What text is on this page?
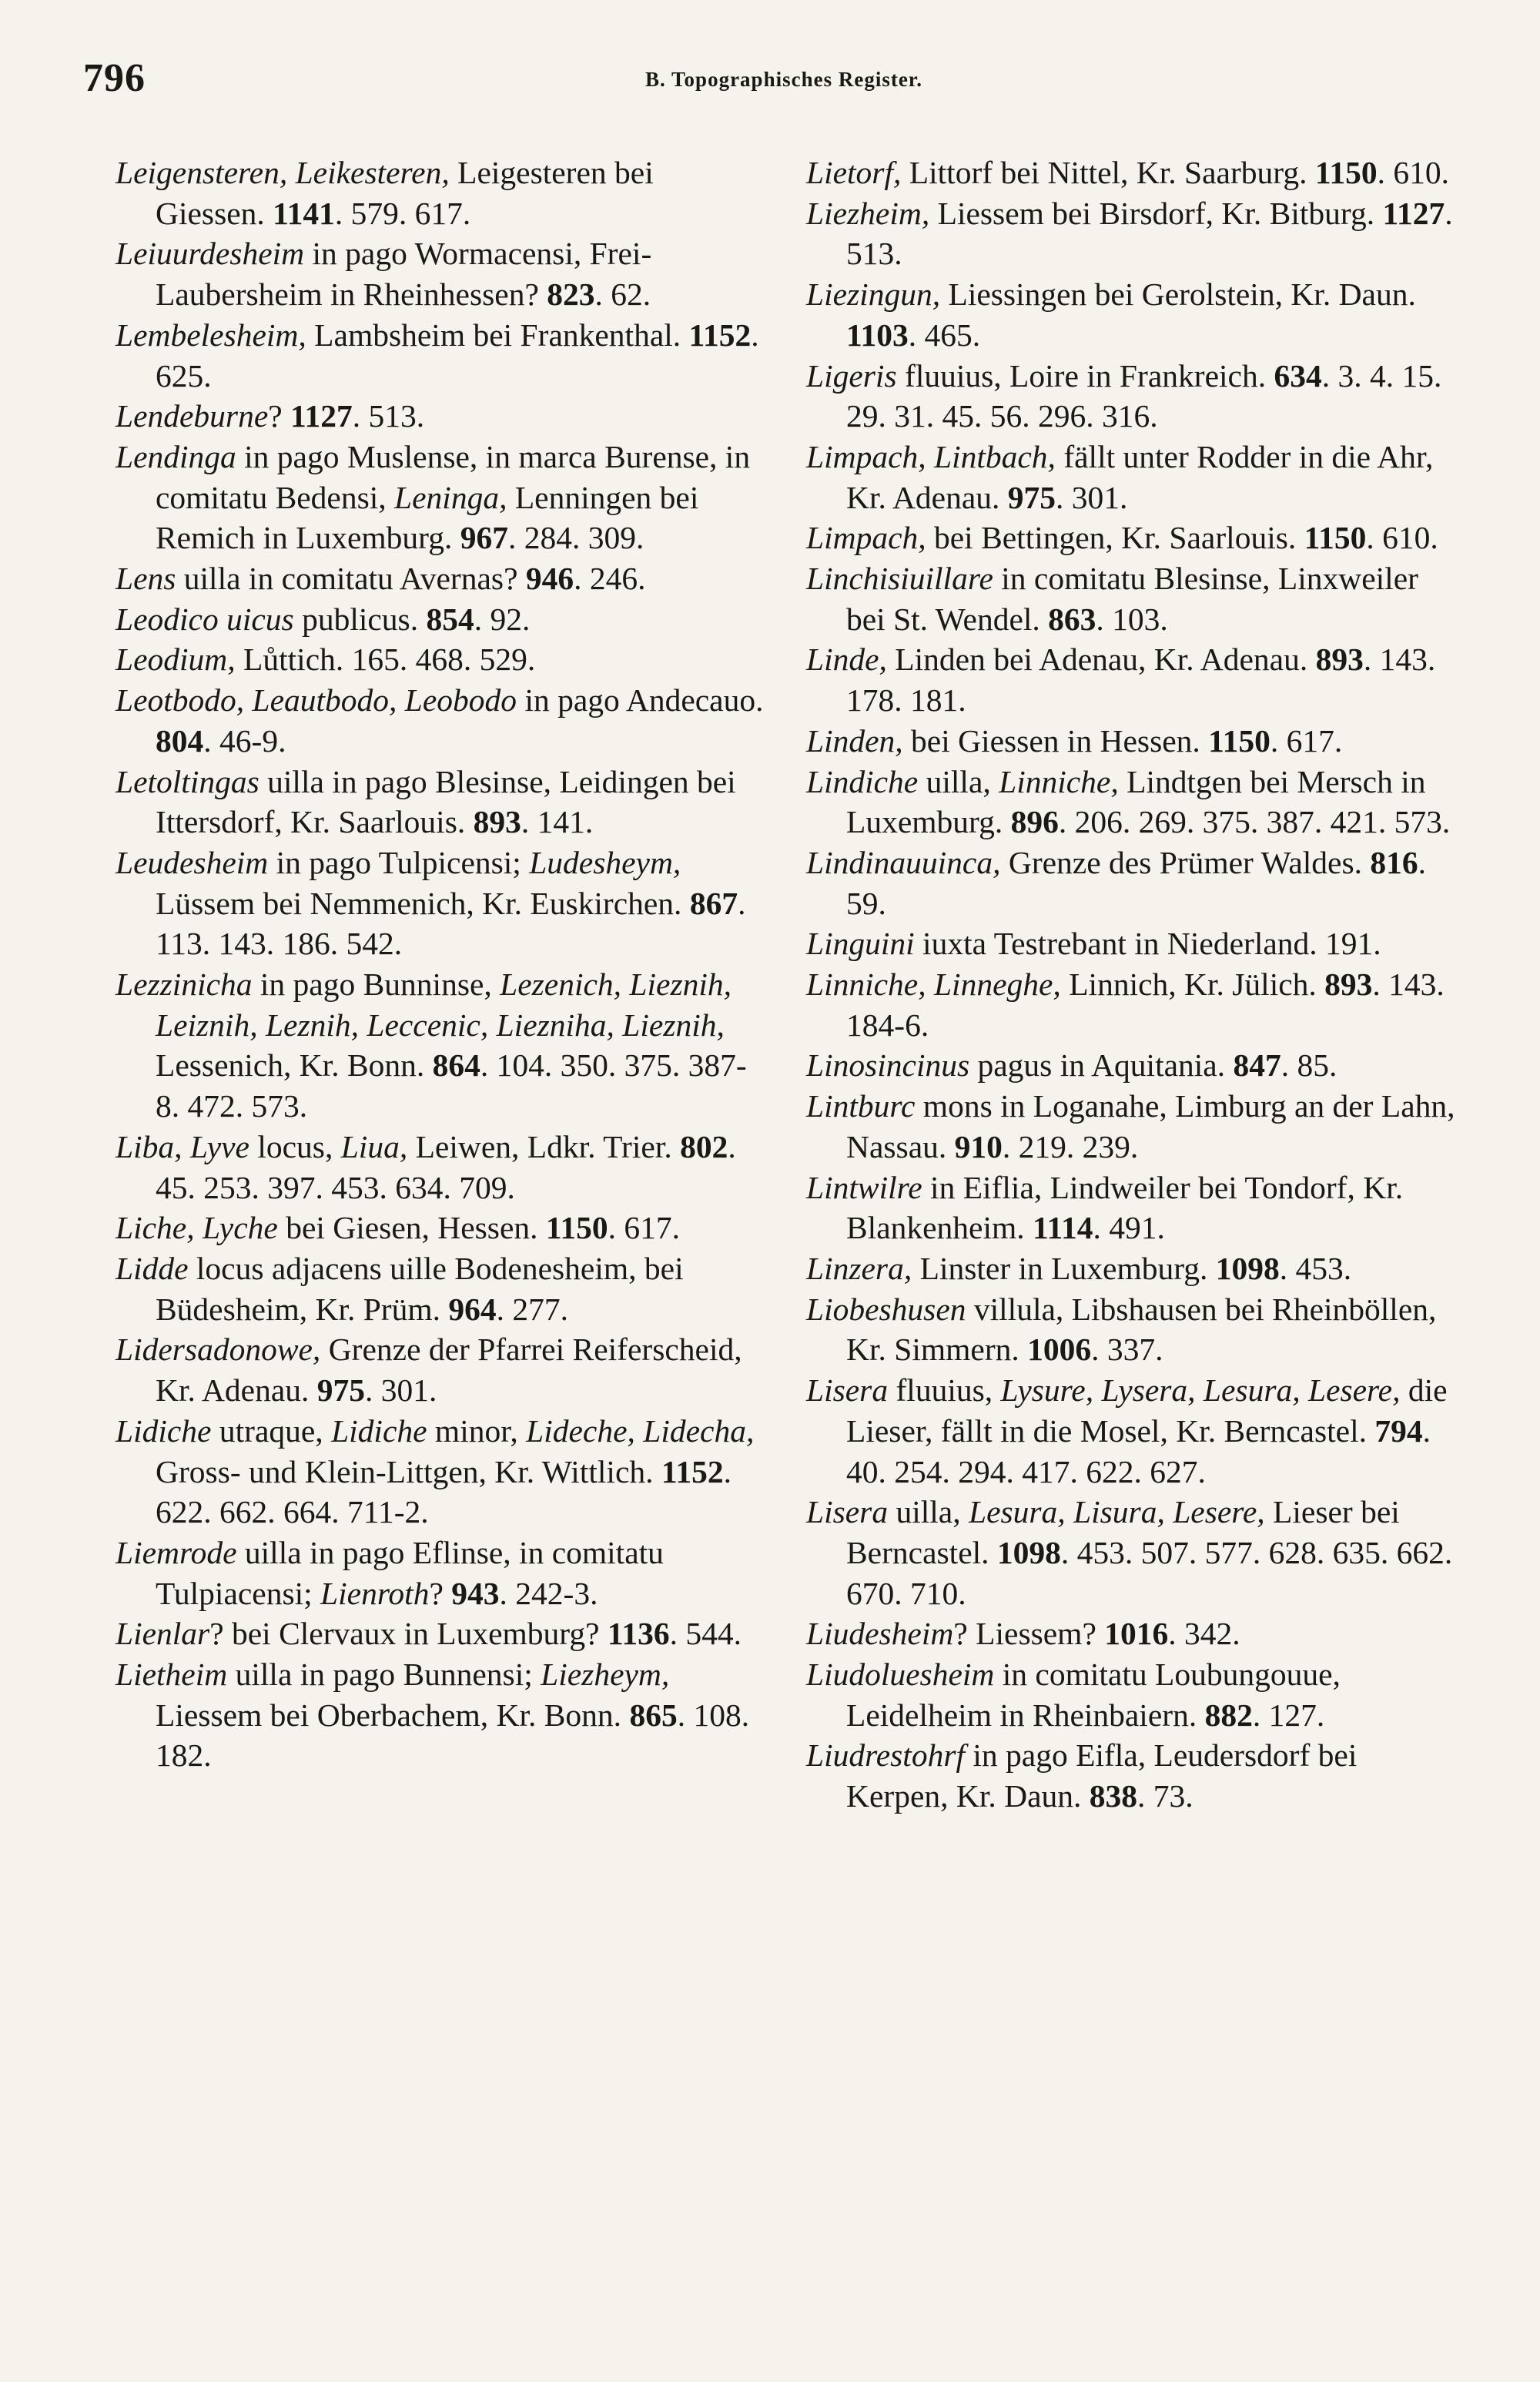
796	B. Topographisches Register.

Leigensteren, Leikesteren, Leigesteren bei Giessen. 1141. 579. 617.

Leiuurdesheim in pago Wormacensi, Frei-Laubersheim in Rheinhessen? 823. 62.

Lembelesheim, Lambsheim bei Frankenthal. 1152. 625.

Lendeburne? 1127. 513.

Lendinga in pago Muslense, in marca Burense, in comitatu Bedensi, Leninga, Lenningen bei Remich in Luxemburg. 967. 284. 309.

Lens uilla in comitatu Avernas? 946. 246.

Leodico uicus publicus. 854. 92.

Leodium, Lůttich. 165. 468. 529.

Leotbodo, Leautbodo, Leobodo in pago Andecauo. 804. 46-9.

Letoltingas uilla in pago Blesinse, Leidingen bei Ittersdorf, Kr. Saarlouis. 893. 141.

Leudesheim in pago Tulpicensi; Ludesheym, Lüssem bei Nemmenich, Kr. Euskirchen. 867. 113. 143. 186. 542.

Lezzinicha in pago Bunninse, Lezenich, Lieznih, Leiznih, Leznih, Leccenic, Liezniha, Lieznih, Lessenich, Kr. Bonn. 864. 104. 350. 375. 387-8. 472. 573.

Liba, Lyve locus, Liua, Leiwen, Ldkr. Trier. 802. 45. 253. 397. 453. 634. 709.

Liche, Lyche bei Giesen, Hessen. 1150. 617.

Lidde locus adjacens uille Bodenesheim, bei Büdesheim, Kr. Prüm. 964. 277.

Lidersadonowe, Grenze der Pfarrei Reiferscheid, Kr. Adenau. 975. 301.

Lidiche utraque, Lidiche minor, Lideche, Lidecha, Gross- und Klein-Littgen, Kr. Wittlich. 1152. 622. 662. 664. 711-2.

Liemrode uilla in pago Eflinse, in comitatu Tulpiacensi; Lienroth? 943. 242-3.

Lienlar? bei Clervaux in Luxemburg? 1136. 544.

Lietheim uilla in pago Bunnensi; Liezheym, Liessem bei Oberbachem, Kr. Bonn. 865. 108. 182.

Lietorf, Littorf bei Nittel, Kr. Saarburg. 1150. 610.

Liezheim, Liessem bei Birsdorf, Kr. Bitburg. 1127. 513.

Liezingun, Liessingen bei Gerolstein, Kr. Daun. 1103. 465.

Ligeris fluuius, Loire in Frankreich. 634. 3. 4. 15. 29. 31. 45. 56. 296. 316.

Limpach, Lintbach, fällt unter Rodder in die Ahr, Kr. Adenau. 975. 301.

Limpach, bei Bettingen, Kr. Saarlouis. 1150. 610.

Linchisiuillare in comitatu Blesinse, Linxweiler bei St. Wendel. 863. 103.

Linde, Linden bei Adenau, Kr. Adenau. 893. 143. 178. 181.

Linden, bei Giessen in Hessen. 1150. 617.

Lindiche uilla, Linniche, Lindtgen bei Mersch in Luxemburg. 896. 206. 269. 375. 387. 421. 573.

Lindinauuinca, Grenze des Prümer Waldes. 816. 59.

Linguini iuxta Testrebant in Niederland. 191.

Linniche, Linneghe, Linnich, Kr. Jülich. 893. 143. 184-6.

Linosincinus pagus in Aquitania. 847. 85.

Lintburc mons in Loganahe, Limburg an der Lahn, Nassau. 910. 219. 239.

Lintwilre in Eiflia, Lindweiler bei Tondorf, Kr. Blankenheim. 1114. 491.

Linzera, Linster in Luxemburg. 1098. 453.

Liobeshusen villula, Libshausen bei Rheinböllen, Kr. Simmern. 1006. 337.

Lisera fluuius, Lysure, Lysera, Lesura, Lesere, die Lieser, fällt in die Mosel, Kr. Berncastel. 794. 40. 254. 294. 417. 622. 627.

Lisera uilla, Lesura, Lisura, Lesere, Lieser bei Berncastel. 1098. 453. 507. 577. 628. 635. 662. 670. 710.

Liudesheim? Liessem? 1016. 342.

Liudoluesheim in comitatu Loubungouue, Leidelheim in Rheinbaiern. 882. 127.

Liudrestohrf in pago Eifla, Leudersdorf bei Kerpen, Kr. Daun. 838. 73.
